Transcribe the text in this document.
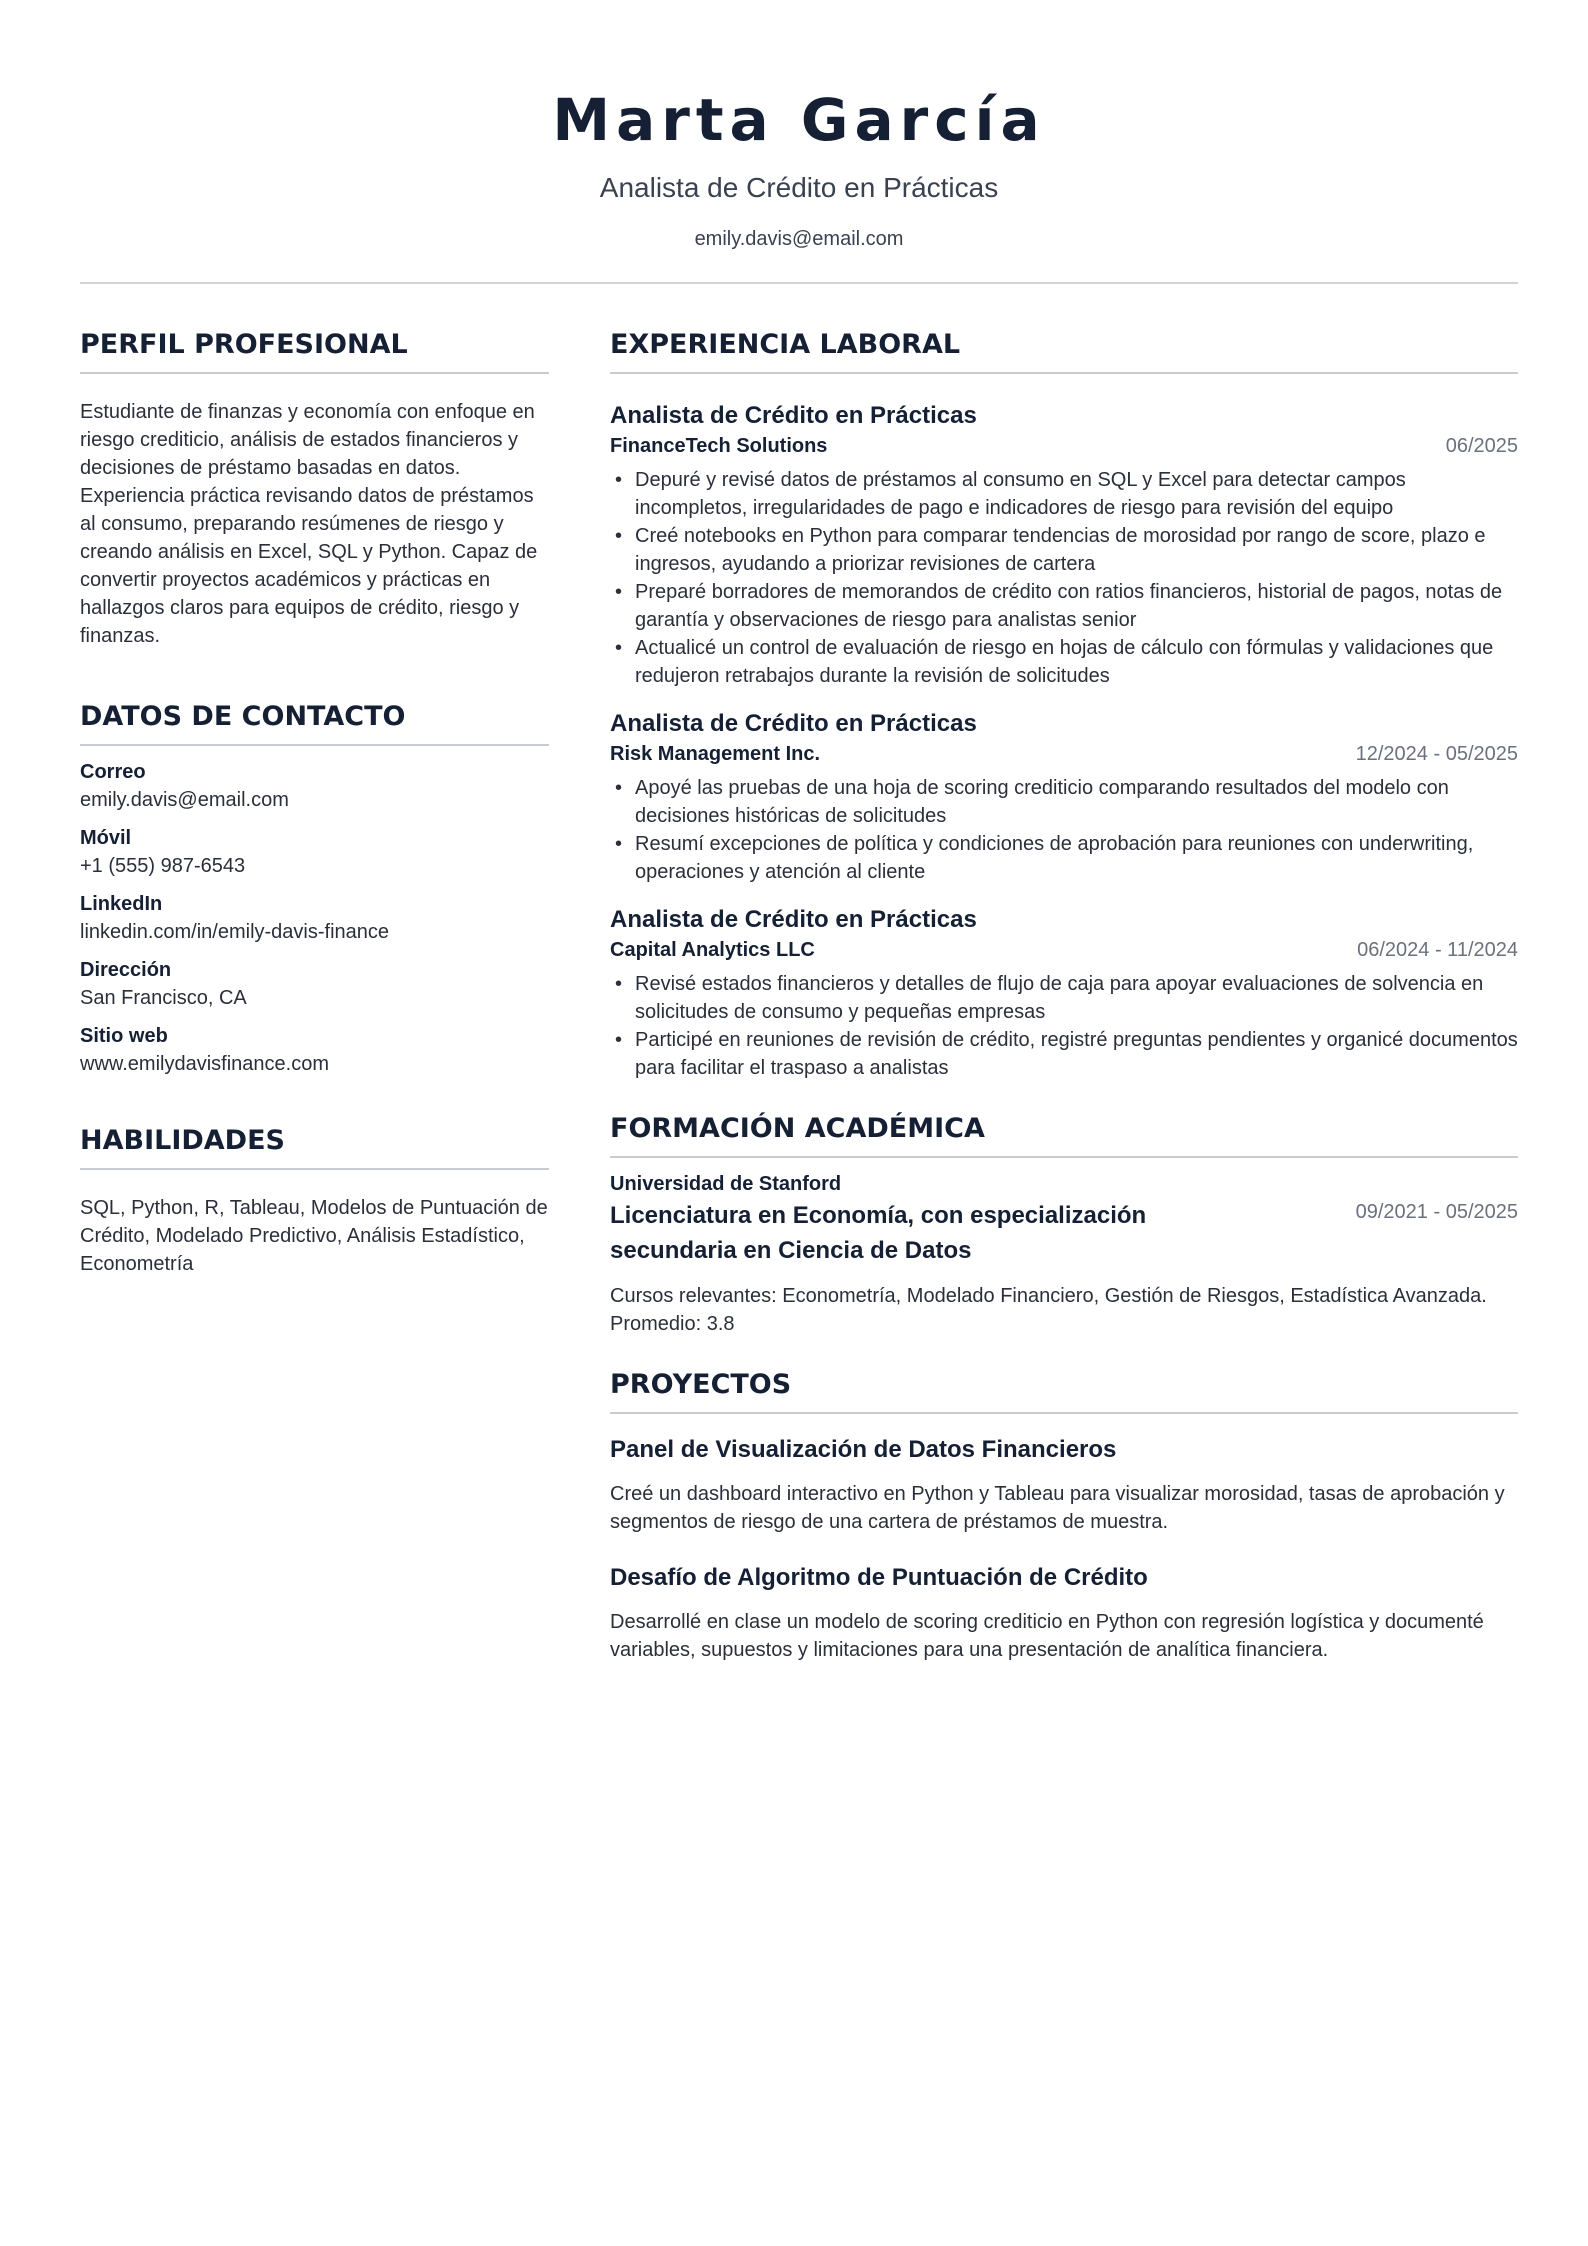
Marta García
Analista de Crédito en Prácticas
emily.davis@email.com
PERFIL PROFESIONAL
Estudiante de finanzas y economía con enfoque en riesgo crediticio, análisis de estados financieros y decisiones de préstamo basadas en datos. Experiencia práctica revisando datos de préstamos al consumo, preparando resúmenes de riesgo y creando análisis en Excel, SQL y Python. Capaz de convertir proyectos académicos y prácticas en hallazgos claros para equipos de crédito, riesgo y finanzas.
DATOS DE CONTACTO
Correo
emily.davis@email.com
Móvil
+1 (555) 987-6543
LinkedIn
linkedin.com/in/emily-davis-finance
Dirección
San Francisco, CA
Sitio web
www.emilydavisfinance.com
HABILIDADES
SQL, Python, R, Tableau, Modelos de Puntuación de Crédito, Modelado Predictivo, Análisis Estadístico, Econometría
EXPERIENCIA LABORAL
Analista de Crédito en Prácticas
FinanceTech Solutions	06/2025
• Depuré y revisé datos de préstamos al consumo en SQL y Excel para detectar campos incompletos, irregularidades de pago e indicadores de riesgo para revisión del equipo
• Creé notebooks en Python para comparar tendencias de morosidad por rango de score, plazo e ingresos, ayudando a priorizar revisiones de cartera
• Preparé borradores de memorandos de crédito con ratios financieros, historial de pagos, notas de garantía y observaciones de riesgo para analistas senior
• Actualicé un control de evaluación de riesgo en hojas de cálculo con fórmulas y validaciones que redujeron retrabajos durante la revisión de solicitudes
Analista de Crédito en Prácticas
Risk Management Inc.	12/2024 - 05/2025
• Apoyé las pruebas de una hoja de scoring crediticio comparando resultados del modelo con decisiones históricas de solicitudes
• Resumí excepciones de política y condiciones de aprobación para reuniones con underwriting, operaciones y atención al cliente
Analista de Crédito en Prácticas
Capital Analytics LLC	06/2024 - 11/2024
• Revisé estados financieros y detalles de flujo de caja para apoyar evaluaciones de solvencia en solicitudes de consumo y pequeñas empresas
• Participé en reuniones de revisión de crédito, registré preguntas pendientes y organicé documentos para facilitar el traspaso a analistas
FORMACIÓN ACADÉMICA
Universidad de Stanford
Licenciatura en Economía, con especialización secundaria en Ciencia de Datos
09/2021 - 05/2025
Cursos relevantes: Econometría, Modelado Financiero, Gestión de Riesgos, Estadística Avanzada. Promedio: 3.8
PROYECTOS
Panel de Visualización de Datos Financieros
Creé un dashboard interactivo en Python y Tableau para visualizar morosidad, tasas de aprobación y segmentos de riesgo de una cartera de préstamos de muestra.
Desafío de Algoritmo de Puntuación de Crédito
Desarrollé en clase un modelo de scoring crediticio en Python con regresión logística y documenté variables, supuestos y limitaciones para una presentación de analítica financiera.
